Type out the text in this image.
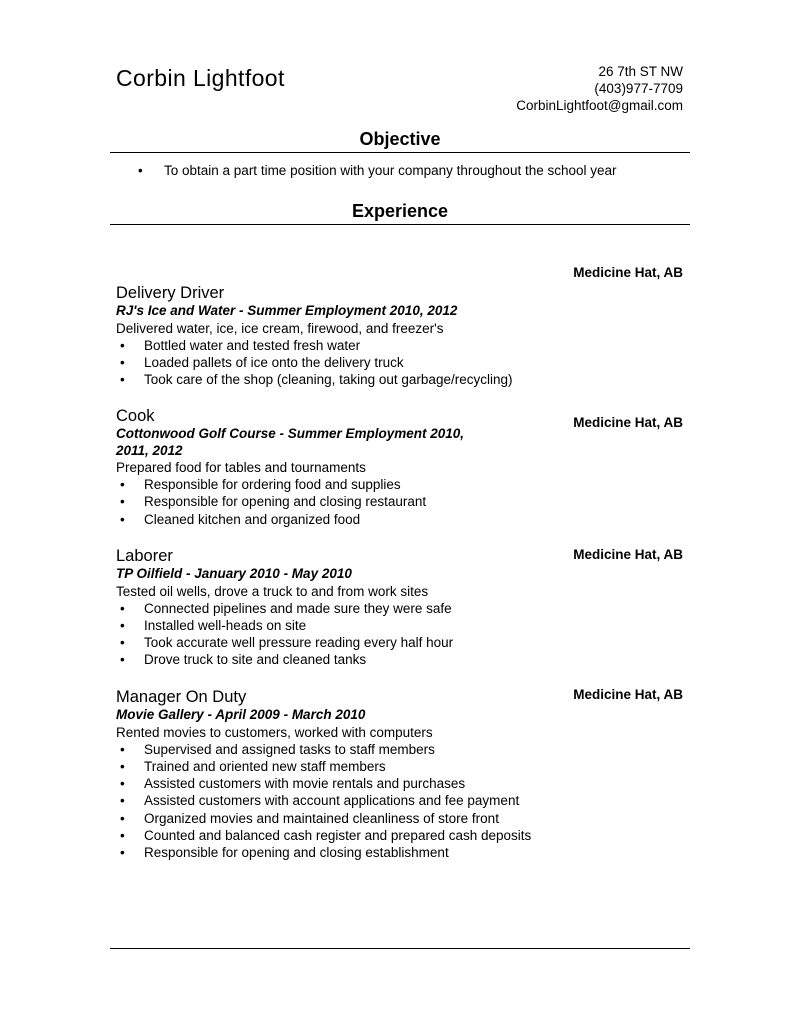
Corbin Lightfoot	26 7th ST NW
(403)977-7709
CorbinLightfoot@gmail.com
Objective
• To obtain a part time position with your company throughout the school year
Experience
Medicine Hat, AB
Delivery Driver
RJ's Ice and Water - Summer Employment 2010, 2012
Delivered water, ice, ice cream, firewood, and freezer's
• Bottled water and tested fresh water
• Loaded pallets of ice onto the delivery truck
• Took care of the shop (cleaning, taking out garbage/recycling)
Medicine Hat, AB
Cook
Cottonwood Golf Course - Summer Employment 2010, 2011, 2012
Prepared food for tables and tournaments
• Responsible for ordering food and supplies
• Responsible for opening and closing restaurant
• Cleaned kitchen and organized food
Medicine Hat, AB
Laborer
TP Oilfield - January 2010 - May 2010
Tested oil wells, drove a truck to and from work sites
• Connected pipelines and made sure they were safe
• Installed well-heads on site
• Took accurate well pressure reading every half hour
• Drove truck to site and cleaned tanks
Medicine Hat, AB
Manager On Duty
Movie Gallery - April 2009 - March 2010
Rented movies to customers, worked with computers
• Supervised and assigned tasks to staff members
• Trained and oriented new staff members
• Assisted customers with movie rentals and purchases
• Assisted customers with account applications and fee payment
• Organized movies and maintained cleanliness of store front
• Counted and balanced cash register and prepared cash deposits
• Responsible for opening and closing establishment
